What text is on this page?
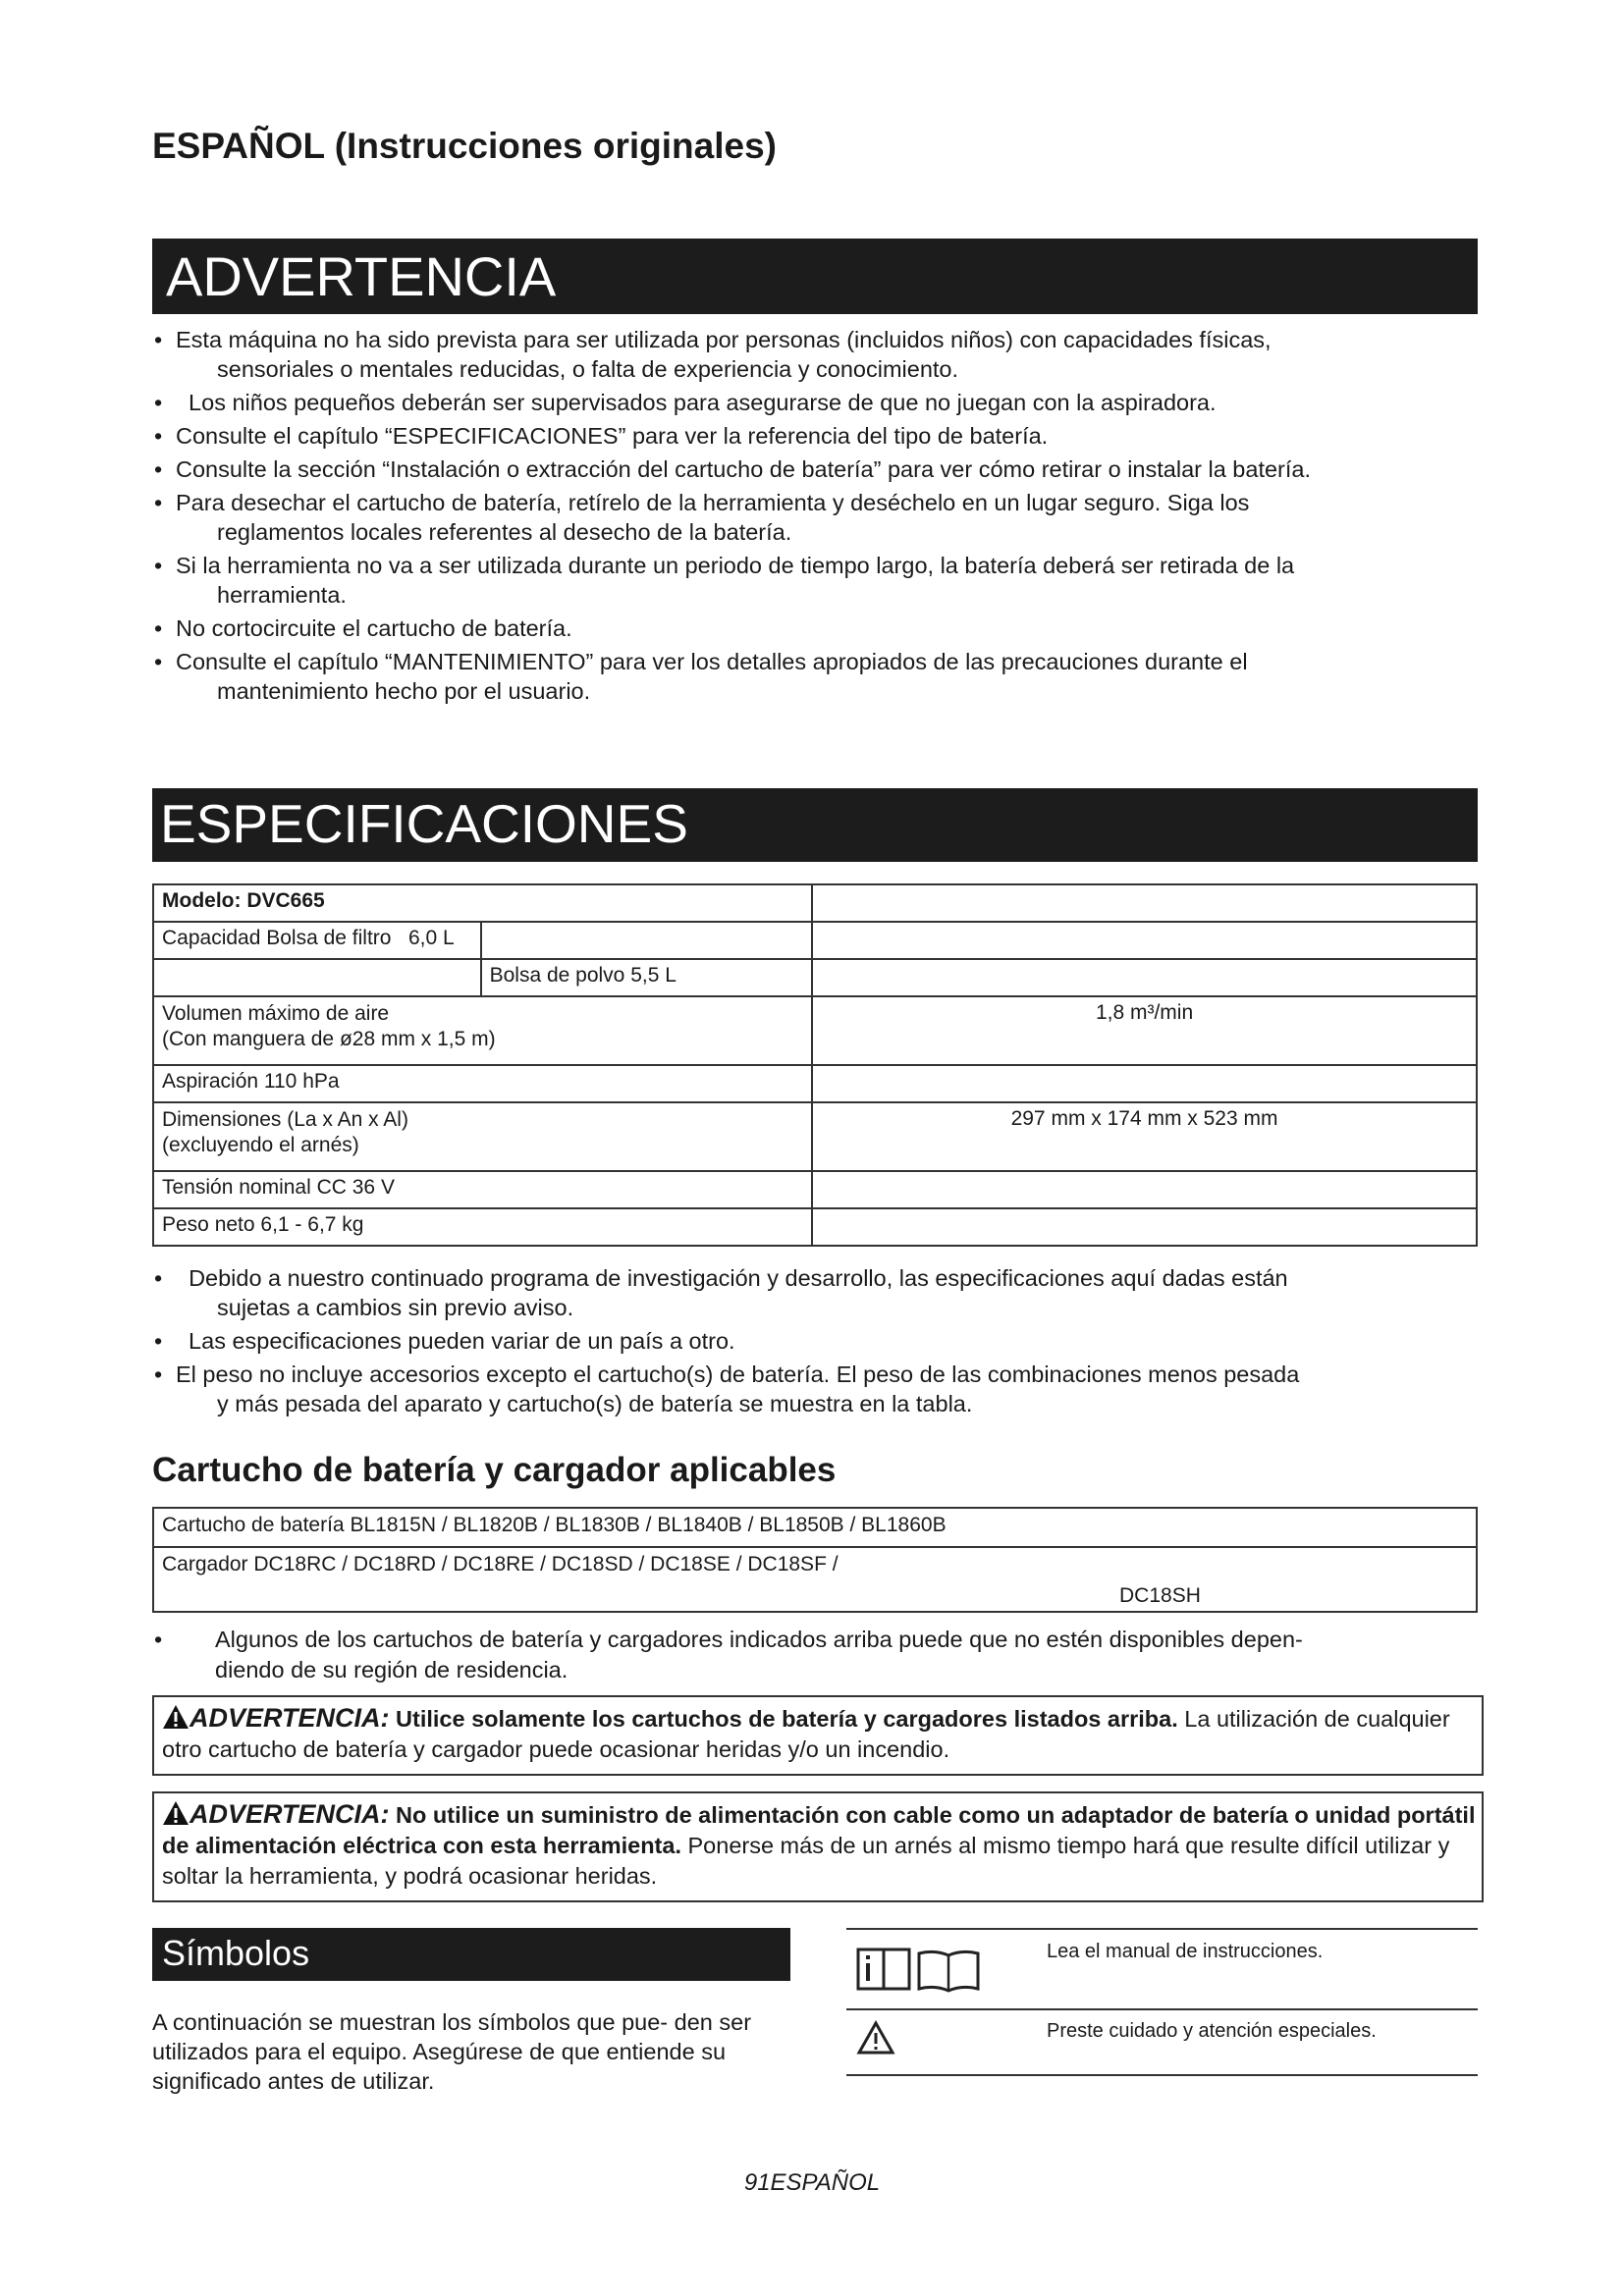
ESPAÑOL (Instrucciones originales)
ADVERTENCIA
• Esta máquina no ha sido prevista para ser utilizada por personas (incluidos niños) con capacidades físicas,
sensoriales o mentales reducidas, o falta de experiencia y conocimiento.
•   Los niños pequeños deberán ser supervisados para asegurarse de que no juegan con la aspiradora.
• Consulte el capítulo “ESPECIFICACIONES” para ver la referencia del tipo de batería.
• Consulte la sección “Instalación o extracción del cartucho de batería” para ver cómo retirar o instalar la batería.
• Para desechar el cartucho de batería, retírelo de la herramienta y deséchelo en un lugar seguro. Siga los
reglamentos locales referentes al desecho de la batería.
• Si la herramienta no va a ser utilizada durante un periodo de tiempo largo, la batería deberá ser retirada de la
herramienta.
• No cortocircuite el cartucho de batería.
• Consulte el capítulo “MANTENIMIENTO” para ver los detalles apropiados de las precauciones durante el
mantenimiento hecho por el usuario.
ESPECIFICACIONES
Modelo: DVC665		
Capacidad Bolsa de filtro 6,0 L		
	Bolsa de polvo 5,5 L	
Volumen máximo de aire
(Con manguera de ø28 mm x 1,5 m)		1,8 m³/min
Aspiración 110 hPa		
Dimensiones (La x An x Al)
(excluyendo el arnés)		297 mm x 174 mm x 523 mm
Tensión nominal CC 36 V		
Peso neto 6,1 - 6,7 kg		
•   Debido a nuestro continuado programa de investigación y desarrollo, las especificaciones aquí dadas están
sujetas a cambios sin previo aviso.
•   Las especificaciones pueden variar de un país a otro.
• El peso no incluye accesorios excepto el cartucho(s) de batería. El peso de las combinaciones menos pesada
y más pesada del aparato y cartucho(s) de batería se muestra en la tabla.
Cartucho de batería y cargador aplicables
Cartucho de batería BL1815N / BL1820B / BL1830B / BL1840B / BL1850B / BL1860B
Cargador DC18RC / DC18RD / DC18RE / DC18SD / DC18SE / DC18SF /
DC18SH
•	Algunos de los cartuchos de batería y cargadores indicados arriba puede que no estén disponibles depen-
diendo de su región de residencia.
ADVERTENCIA: Utilice solamente los cartuchos de batería y cargadores listados arriba. La utilización de cualquier otro cartucho de batería y cargador puede ocasionar heridas y/o un incendio.
ADVERTENCIA: No utilice un suministro de alimentación con cable como un adaptador de batería o unidad portátil de alimentación eléctrica con esta herramienta. Ponerse más de un arnés al mismo tiempo hará que resulte difícil utilizar y soltar la herramienta, y podrá ocasionar heridas.
Símbolos
A continuación se muestran los símbolos que pue- den ser utilizados para el equipo. Asegúrese de que entiende su significado antes de utilizar.
Lea el manual de instrucciones.
Preste cuidado y atención especiales.
91ESPAÑOL
